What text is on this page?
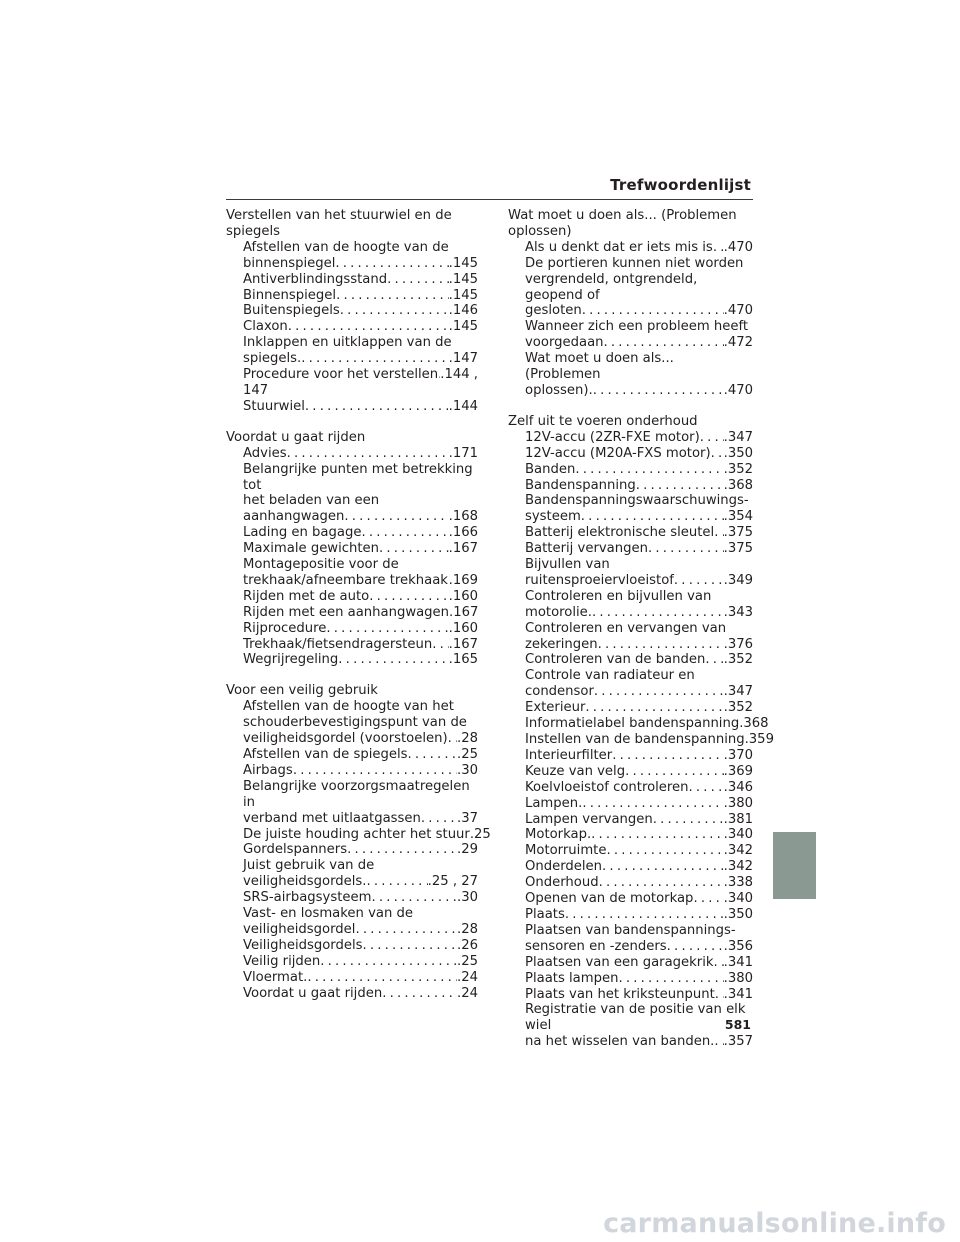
Trefwoordenlijst
Verstellen van het stuurwiel en de
spiegels
Afstellen van de hoogte van de
binnenspiegel . . .	.145
Antiverblindingsstand . . .	.145
Binnenspiegel . . .	.145
Buitenspiegels . . .	.146
Claxon . . .	.145
Inklappen en uitklappen van de
spiegels. . . .	.147
Procedure voor het verstellen . . . .144 ,
147
Stuurwiel . . .	.144
Voordat u gaat rijden
Advies . . .	.171
Belangrijke punten met betrekking tot
het beladen van een
aanhangwagen . . .	.168
Lading en bagage . . .	.166
Maximale gewichten . . .	.167
Montagepositie voor de
trekhaak/afneembare trekhaak . . . .169
Rijden met de auto . . .	.160
Rijden met een aanhangwagen .167
Rijprocedure . . .	.160
Trekhaak/fietsendragersteun . . . .167
Wegrijregeling . . .	.165
Voor een veilig gebruik
Afstellen van de hoogte van het
schouderbevestigingspunt van de
veiligheidsgordel (voorstoelen) . . . .28
Afstellen van de spiegels . . .	.25
Airbags . . .	.30
Belangrijke voorzorgsmaatregelen in
verband met uitlaatgassen . . .	.37
De juiste houding achter het stuur .25
Gordelspanners . . .	.29
Juist gebruik van de
veiligheidsgordels. . . .	.25 , 27
SRS-airbagsysteem . . .	.30
Vast- en losmaken van de
veiligheidsgordel . . .	.28
Veiligheidsgordels . . .	.26
Veilig rijden . . .	.25
Vloermat. . . .	.24
Voordat u gaat rijden . . .	.24
Wat moet u doen als... (Problemen
oplossen)
Als u denkt dat er iets mis is . . . .470
De portieren kunnen niet worden
vergrendeld, ontgrendeld, geopend of
gesloten . . .	.470
Wanneer zich een probleem heeft
voorgedaan . . .	.472
Wat moet u doen als... (Problemen
oplossen). . . .	.470
Zelf uit te voeren onderhoud
12V-accu (2ZR-FXE motor) . . . .347
12V-accu (M20A-FXS motor) . . . .350
Banden . . .	.352
Bandenspanning . . .	.368
Bandenspanningswaarschuwings-
systeem . . .	.354
Batterij elektronische sleutel . . . .375
Batterij vervangen . . .	.375
Bijvullen van
ruitensproeiervloeistof . . .	.349
Controleren en bijvullen van
motorolie. . . .	.343
Controleren en vervangen van
zekeringen . . .	.376
Controleren van de banden . . . .352
Controle van radiateur en
condensor . . .	.347
Exterieur . . .	.352
Informatielabel bandenspanning .368
Instellen van de bandenspanning .359
Interieurfilter . . .	.370
Keuze van velg . . .	.369
Koelvloeistof controleren . . .	.346
Lampen. . . .	.380
Lampen vervangen . . .	.381
Motorkap. . . .	.340
Motorruimte . . .	.342
Onderdelen . . .	.342
Onderhoud . . .	.338
Openen van de motorkap . . . .340
Plaats . . .	.350
Plaatsen van bandenspannings-
sensoren en -zenders . . .	.356
Plaatsen van een garagekrik . . . .341
Plaats lampen . . .	.380
Plaats van het kriksteunpunt . . . .341
Registratie van de positie van elk wiel
na het wisselen van banden. . . . .357
581
carmanualsonline.info
